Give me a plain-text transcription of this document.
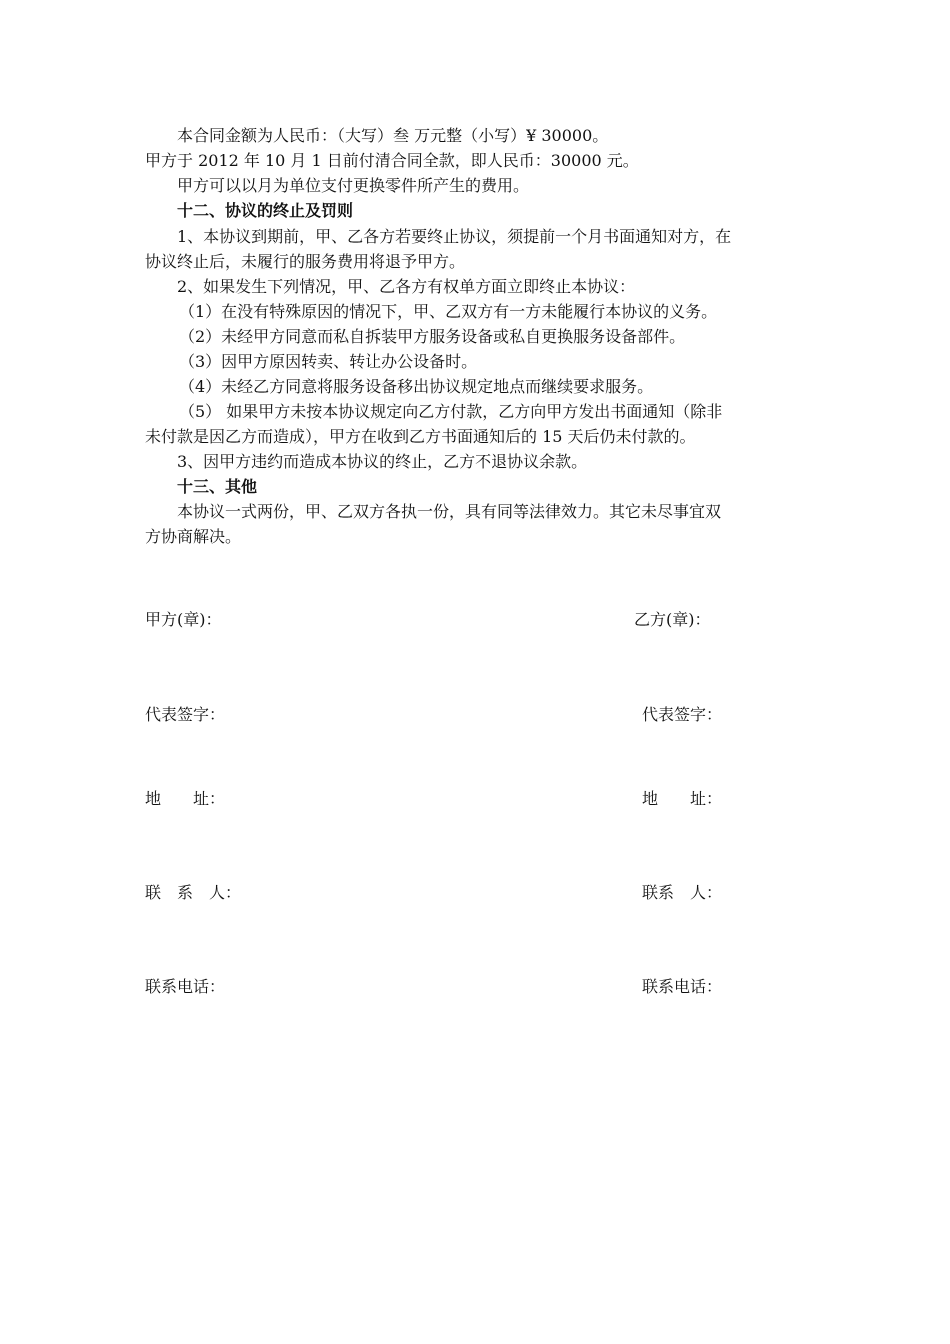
本合同金额为人民币：（大写）叁 万元整（小写）¥ 30000。
甲方于 2012 年 10 月 1 日前付清合同全款，即人民币：30000 元。
甲方可以以月为单位支付更换零件所产生的费用。
十二、协议的终止及罚则
1、本协议到期前，甲、乙各方若要终止协议，须提前一个月书面通知对方，在
协议终止后，未履行的服务费用将退予甲方。
2、如果发生下列情况，甲、乙各方有权单方面立即终止本协议：
（1）在没有特殊原因的情况下，甲、乙双方有一方未能履行本协议的义务。
（2）未经甲方同意而私自拆装甲方服务设备或私自更换服务设备部件。
（3）因甲方原因转卖、转让办公设备时。
（4）未经乙方同意将服务设备移出协议规定地点而继续要求服务。
（5） 如果甲方未按本协议规定向乙方付款，乙方向甲方发出书面通知（除非
未付款是因乙方而造成），甲方在收到乙方书面通知后的 15 天后仍未付款的。
3、因甲方违约而造成本协议的终止，乙方不退协议余款。
十三、其他
本协议一式两份，甲、乙双方各执一份，具有同等法律效力。其它未尽事宜双
方协商解决。
甲方(章)：	乙方(章)：
代表签字：	代表签字：
地　　址：	地　　址：
联　系　人：	联系　人：
联系电话：	联系电话：
